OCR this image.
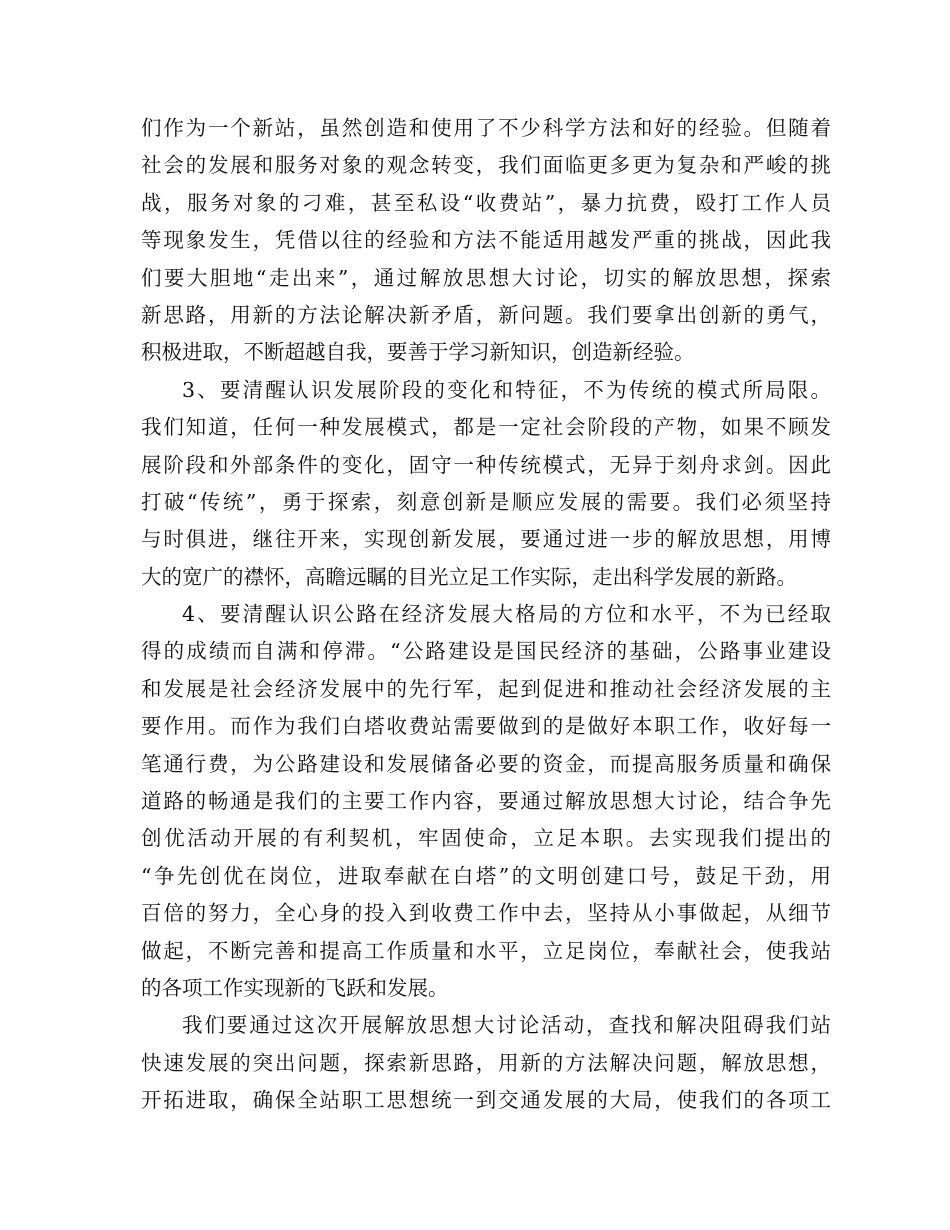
们作为一个新站，虽然创造和使用了不少科学方法和好的经验。但随着
社会的发展和服务对象的观念转变，我们面临更多更为复杂和严峻的挑
战，服务对象的刁难，甚至私设“收费站”，暴力抗费，殴打工作人员
等现象发生，凭借以往的经验和方法不能适用越发严重的挑战，因此我
们要大胆地“走出来”，通过解放思想大讨论，切实的解放思想，探索
新思路，用新的方法论解决新矛盾，新问题。我们要拿出创新的勇气，
积极进取，不断超越自我，要善于学习新知识，创造新经验。
3、要清醒认识发展阶段的变化和特征，不为传统的模式所局限。
我们知道，任何一种发展模式，都是一定社会阶段的产物，如果不顾发
展阶段和外部条件的变化，固守一种传统模式，无异于刻舟求剑。因此
打破“传统”，勇于探索，刻意创新是顺应发展的需要。我们必须坚持
与时俱进，继往开来，实现创新发展，要通过进一步的解放思想，用博
大的宽广的襟怀，高瞻远瞩的目光立足工作实际，走出科学发展的新路。
4、要清醒认识公路在经济发展大格局的方位和水平，不为已经取
得的成绩而自满和停滞。“公路建设是国民经济的基础，公路事业建设
和发展是社会经济发展中的先行军，起到促进和推动社会经济发展的主
要作用。而作为我们白塔收费站需要做到的是做好本职工作，收好每一
笔通行费，为公路建设和发展储备必要的资金，而提高服务质量和确保
道路的畅通是我们的主要工作内容，要通过解放思想大讨论，结合争先
创优活动开展的有利契机，牢固使命，立足本职。去实现我们提出的
“争先创优在岗位，进取奉献在白塔”的文明创建口号，鼓足干劲，用
百倍的努力，全心身的投入到收费工作中去，坚持从小事做起，从细节
做起，不断完善和提高工作质量和水平，立足岗位，奉献社会，使我站
的各项工作实现新的飞跃和发展。
我们要通过这次开展解放思想大讨论活动，查找和解决阻碍我们站
快速发展的突出问题，探索新思路，用新的方法解决问题，解放思想，
开拓进取，确保全站职工思想统一到交通发展的大局，使我们的各项工
